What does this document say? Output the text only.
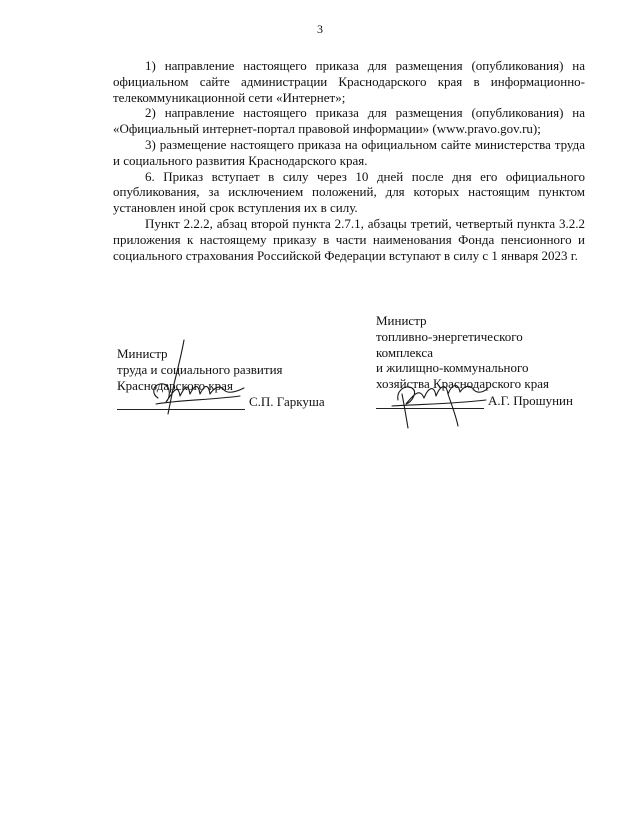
3

1) направление настоящего приказа для размещения (опубликования) на официальном сайте администрации Краснодарского края в информационно-телекоммуникационной сети «Интернет»;

2) направление настоящего приказа для размещения (опубликования) на «Официальный интернет-портал правовой информации» (www.pravo.gov.ru);

3) размещение настоящего приказа на официальном сайте министерства труда и социального развития Краснодарского края.

6. Приказ вступает в силу через 10 дней после дня его официального опубликования, за исключением положений, для которых настоящим пунктом установлен иной срок вступления их в силу.

Пункт 2.2.2, абзац второй пункта 2.7.1, абзацы третий, четвертый пункта 3.2.2 приложения к настоящему приказу в части наименования Фонда пенсионного и социального страхования Российской Федерации вступают в силу с 1 января 2023 г.

Министр
труда и социального развития
Краснодарского края
С.П. Гаркуша
Министр
топливно-энергетического
комплекса
и жилищно-коммунального
хозяйства Краснодарского края
А.Г. Прошунин
